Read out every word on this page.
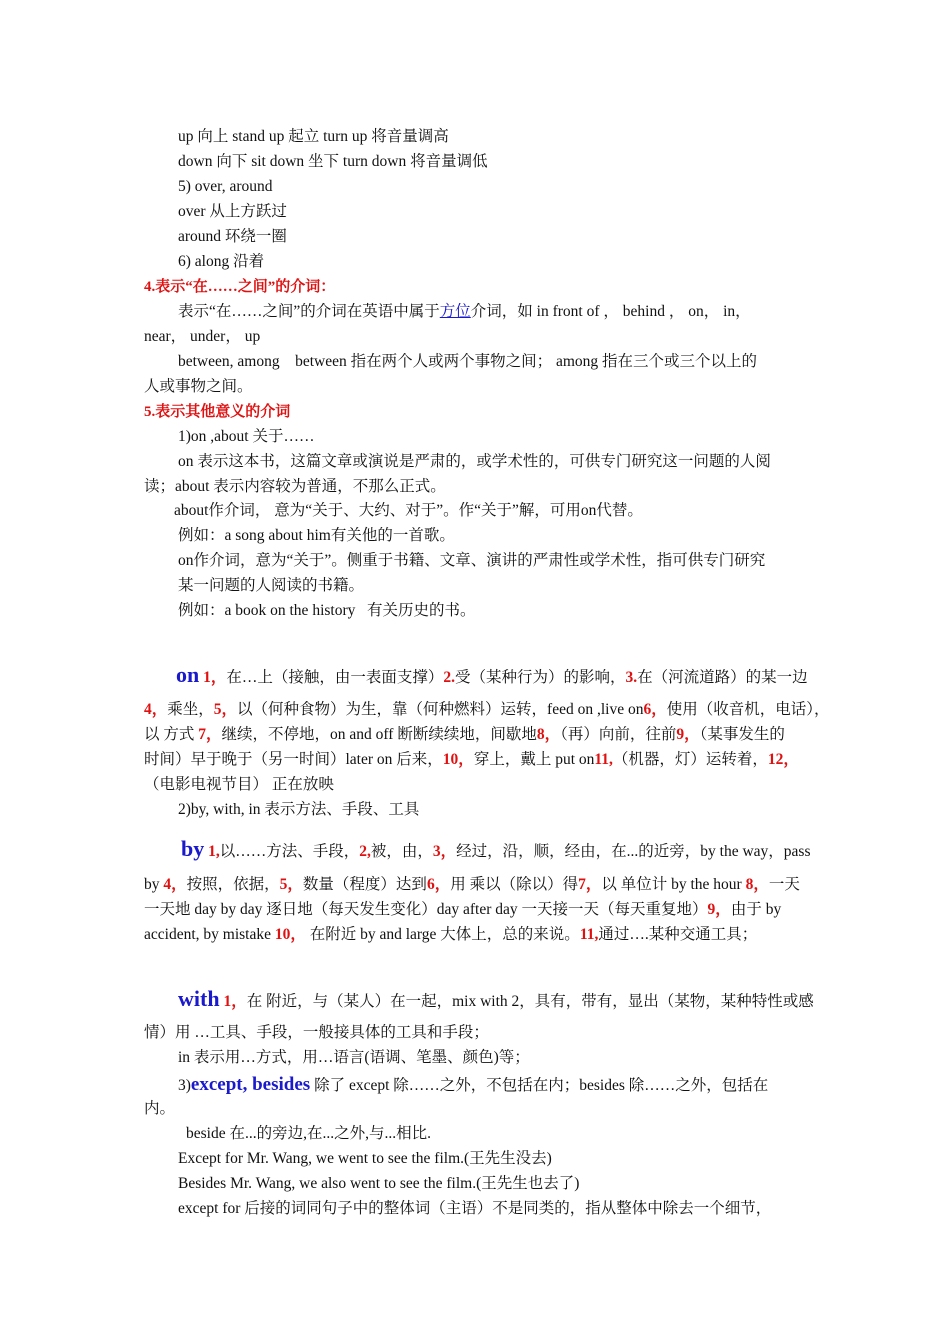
up 向上 stand up 起立 turn up 将音量调高
down 向下 sit down 坐下 turn down 将音量调低
5) over, around
over 从上方跃过
around 环绕一圈
6) along 沿着
4.表示“在……之间”的介词：
表示“在……之间”的介词在英语中属于方位介词，如 in front of ， behind ， on， in，
near， under， up
between, among    between 指在两个人或两个事物之间； among 指在三个或三个以上的
人或事物之间。
5.表示其他意义的介词
1)on ,about 关于……
on 表示这本书，这篇文章或演说是严肃的，或学术性的，可供专门研究这一问题的人阅
读；about 表示内容较为普通，不那么正式。
about作介词， 意为“关于、大约、对于”。作“关于”解，可用on代替。
例如：a song about him有关他的一首歌。
on作介词，意为“关于”。侧重于书籍、文章、演讲的严肃性或学术性，指可供专门研究
某一问题的人阅读的书籍。
例如：a book on the history   有关历史的书。
on 1，在…上（接触，由一表面支撑）2.受（某种行为）的影响，3.在（河流道路）的某一边
4，乘坐，5，以（何种食物）为生，靠（何种燃料）运转，feed on ,live on6，使用（收音机，电话），
以 方式 7，继续，不停地，on and off 断断续续地，间歇地8，（再）向前，往前9，（某事发生的
时间）早于晚于（另一时间）later on 后来，10，穿上，戴上 put on11,（机器，灯）运转着，12，
（电影电视节目） 正在放映
2)by, with, in 表示方法、手段、工具
by 1,以……方法、手段，2,被，由，3，经过，沿，顺，经由，在...的近旁，by the way，pass
by 4，按照，依据，5，数量（程度）达到6，用 乘以（除以）得7，以 单位计 by the hour 8，一天
一天地 day by day 逐日地（每天发生变化）day after day 一天接一天（每天重复地）9，由于 by
accident, by mistake 10， 在附近 by and large 大体上，总的来说。11,通过….某种交通工具；
with 1，在 附近，与（某人）在一起，mix with 2，具有，带有，显出（某物，某种特性或感
情）用 …工具、手段，一般接具体的工具和手段；
in 表示用…方式，用…语言(语调、笔墨、颜色)等；
3)except, besides 除了 except 除……之外，不包括在内；besides 除……之外，包括在
内。
beside 在...的旁边,在...之外,与...相比.
Except for Mr. Wang, we went to see the film.(王先生没去)
Besides Mr. Wang, we also went to see the film.(王先生也去了)
except for 后接的词同句子中的整体词（主语）不是同类的，指从整体中除去一个细节，
